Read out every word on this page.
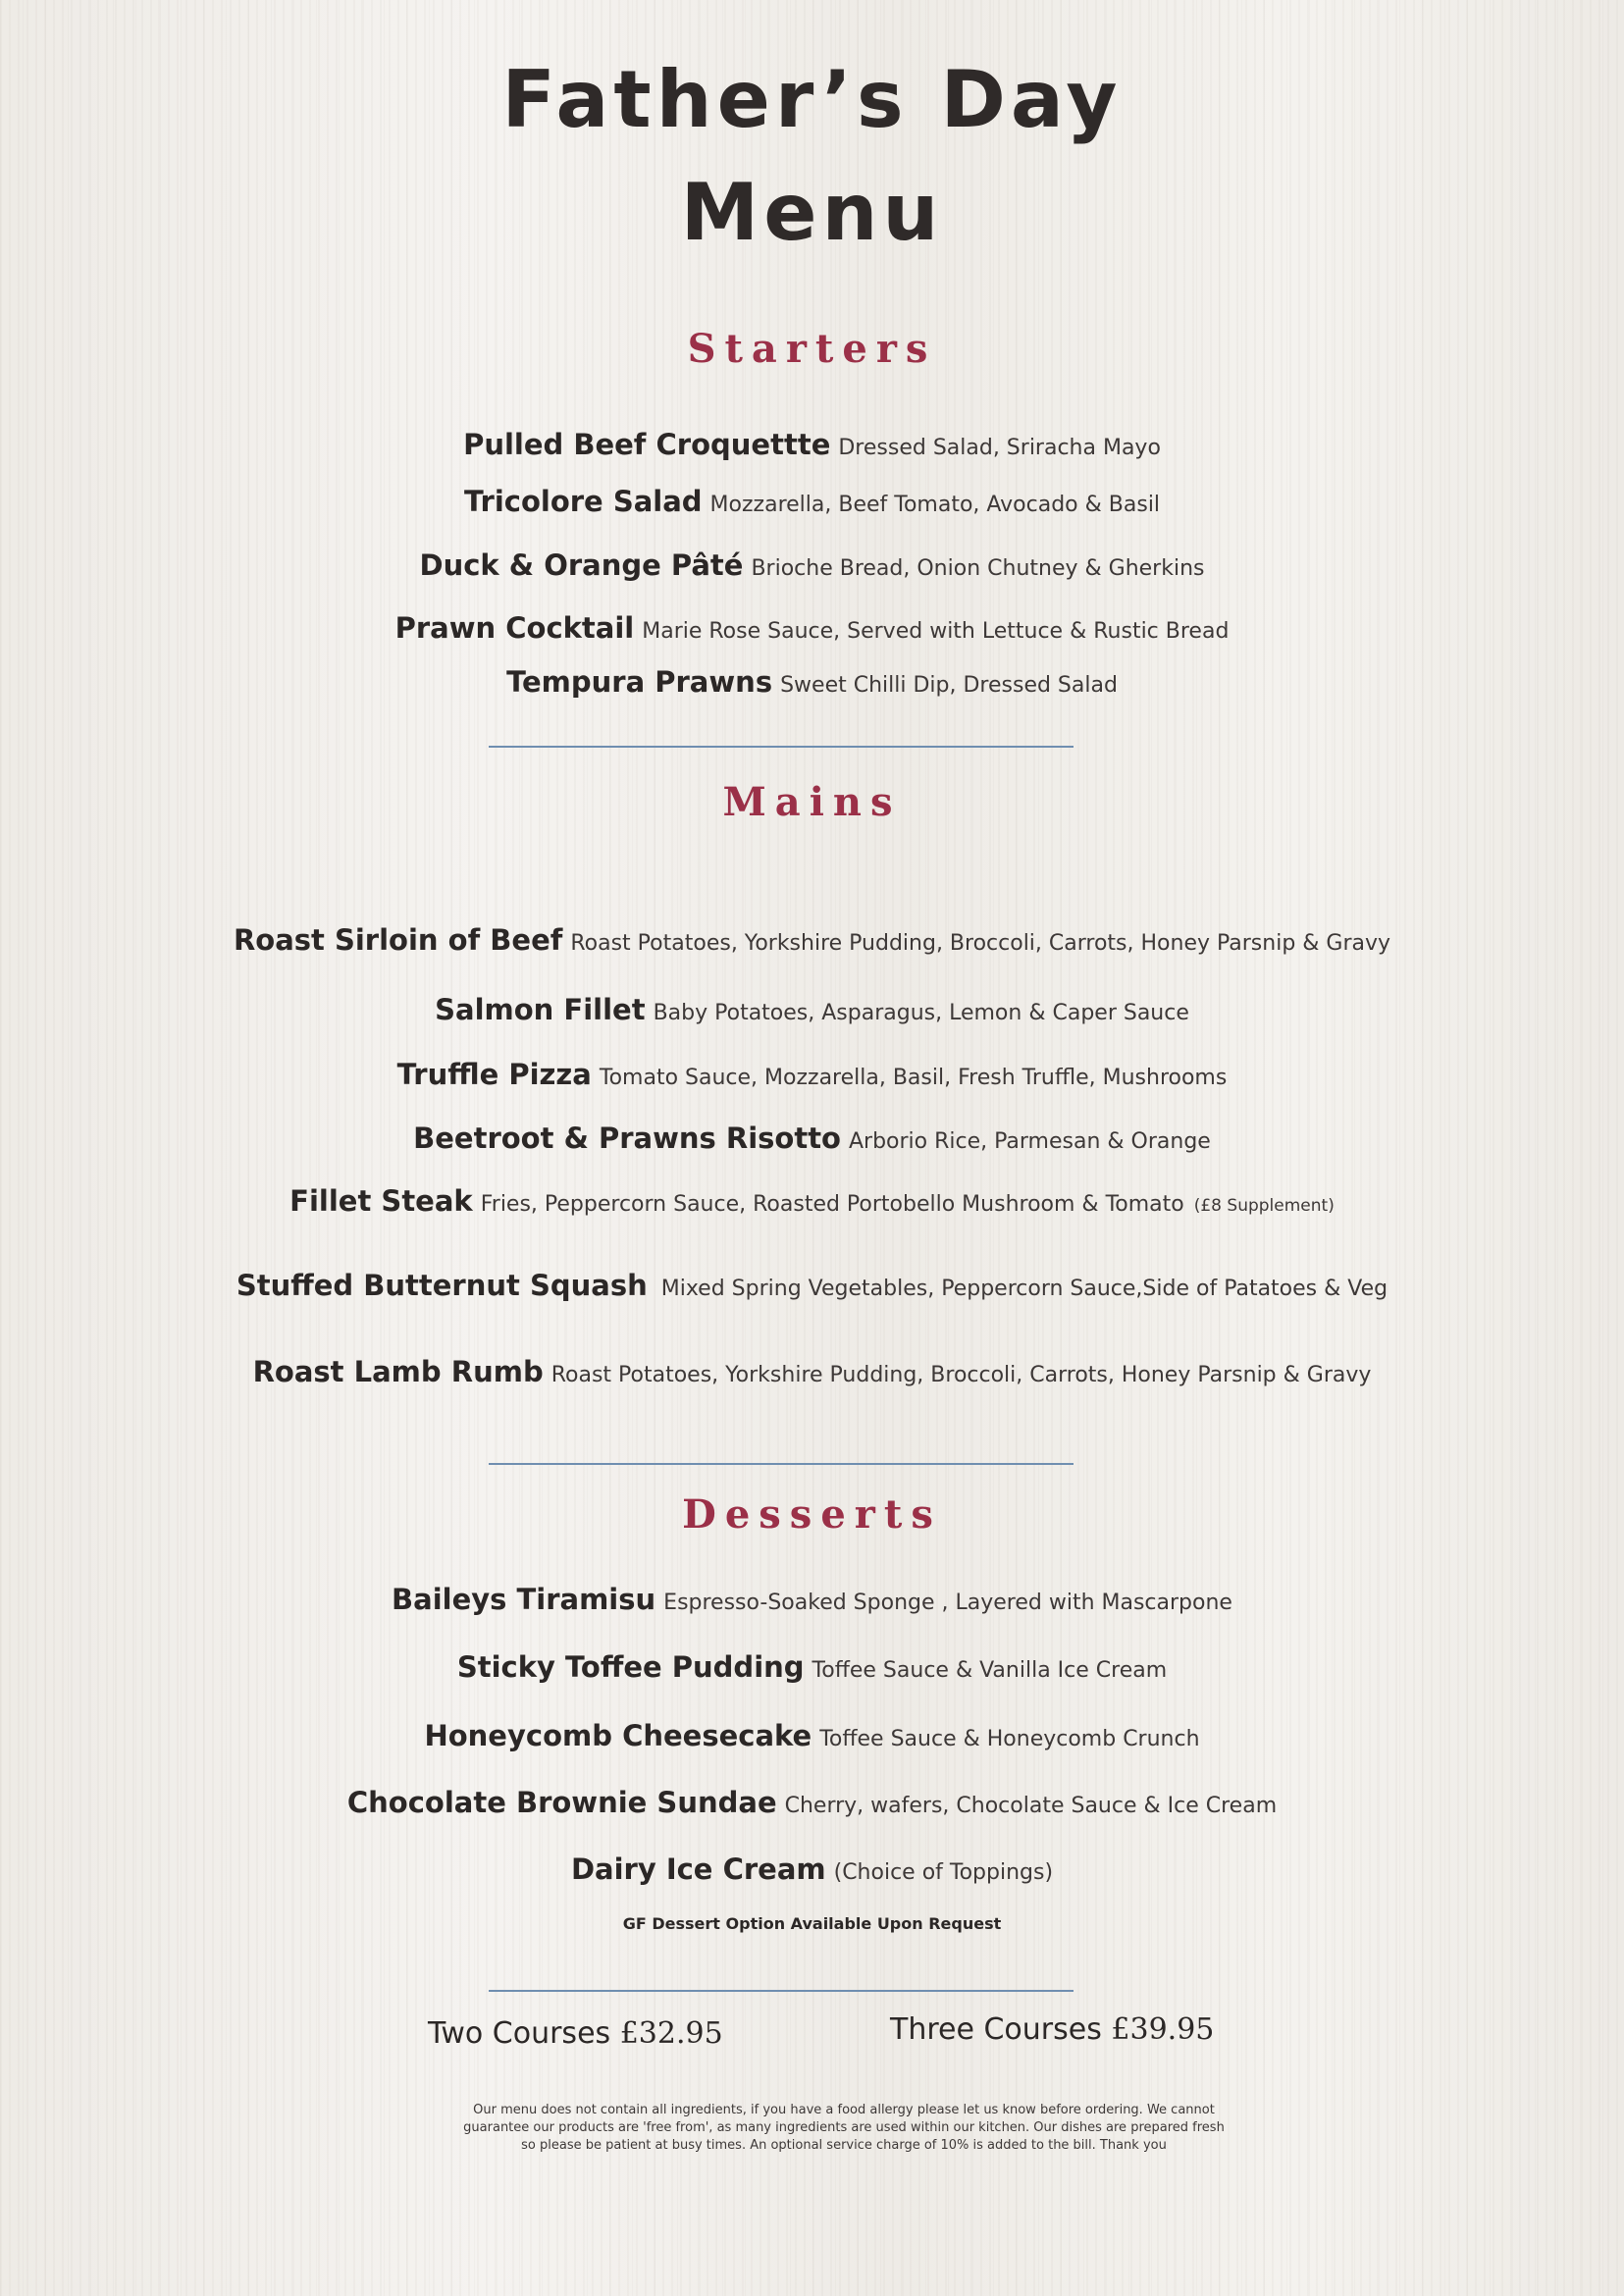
Father’s Day
Menu
Starters
Pulled Beef Croquettte Dressed Salad, Sriracha Mayo
Tricolore Salad Mozzarella, Beef Tomato, Avocado & Basil
Duck & Orange Pâté Brioche Bread, Onion Chutney & Gherkins
Prawn Cocktail Marie Rose Sauce, Served with Lettuce & Rustic Bread
Tempura Prawns Sweet Chilli Dip, Dressed Salad
Mains
Roast Sirloin of Beef Roast Potatoes, Yorkshire Pudding, Broccoli, Carrots, Honey Parsnip & Gravy
Salmon Fillet Baby Potatoes, Asparagus, Lemon & Caper Sauce
Truffle Pizza Tomato Sauce, Mozzarella, Basil, Fresh Truffle, Mushrooms
Beetroot & Prawns Risotto Arborio Rice, Parmesan & Orange
Fillet Steak Fries, Peppercorn Sauce, Roasted Portobello Mushroom & Tomato (£8 Supplement)
Stuffed Butternut Squash Mixed Spring Vegetables, Peppercorn Sauce,Side of Patatoes & Veg
Roast Lamb Rumb Roast Potatoes, Yorkshire Pudding, Broccoli, Carrots, Honey Parsnip & Gravy
Desserts
Baileys Tiramisu Espresso-Soaked Sponge , Layered with Mascarpone
Sticky Toffee Pudding Toffee Sauce & Vanilla Ice Cream
Honeycomb Cheesecake Toffee Sauce & Honeycomb Crunch
Chocolate Brownie Sundae Cherry, wafers, Chocolate Sauce & Ice Cream
Dairy Ice Cream (Choice of Toppings)
GF Dessert Option Available Upon Request
Two Courses £32.95	Three Courses £39.95
Our menu does not contain all ingredients, if you have a food allergy please let us know before ordering. We cannot
guarantee our products are 'free from', as many ingredients are used within our kitchen. Our dishes are prepared fresh
so please be patient at busy times. An optional service charge of 10% is added to the bill. Thank you
